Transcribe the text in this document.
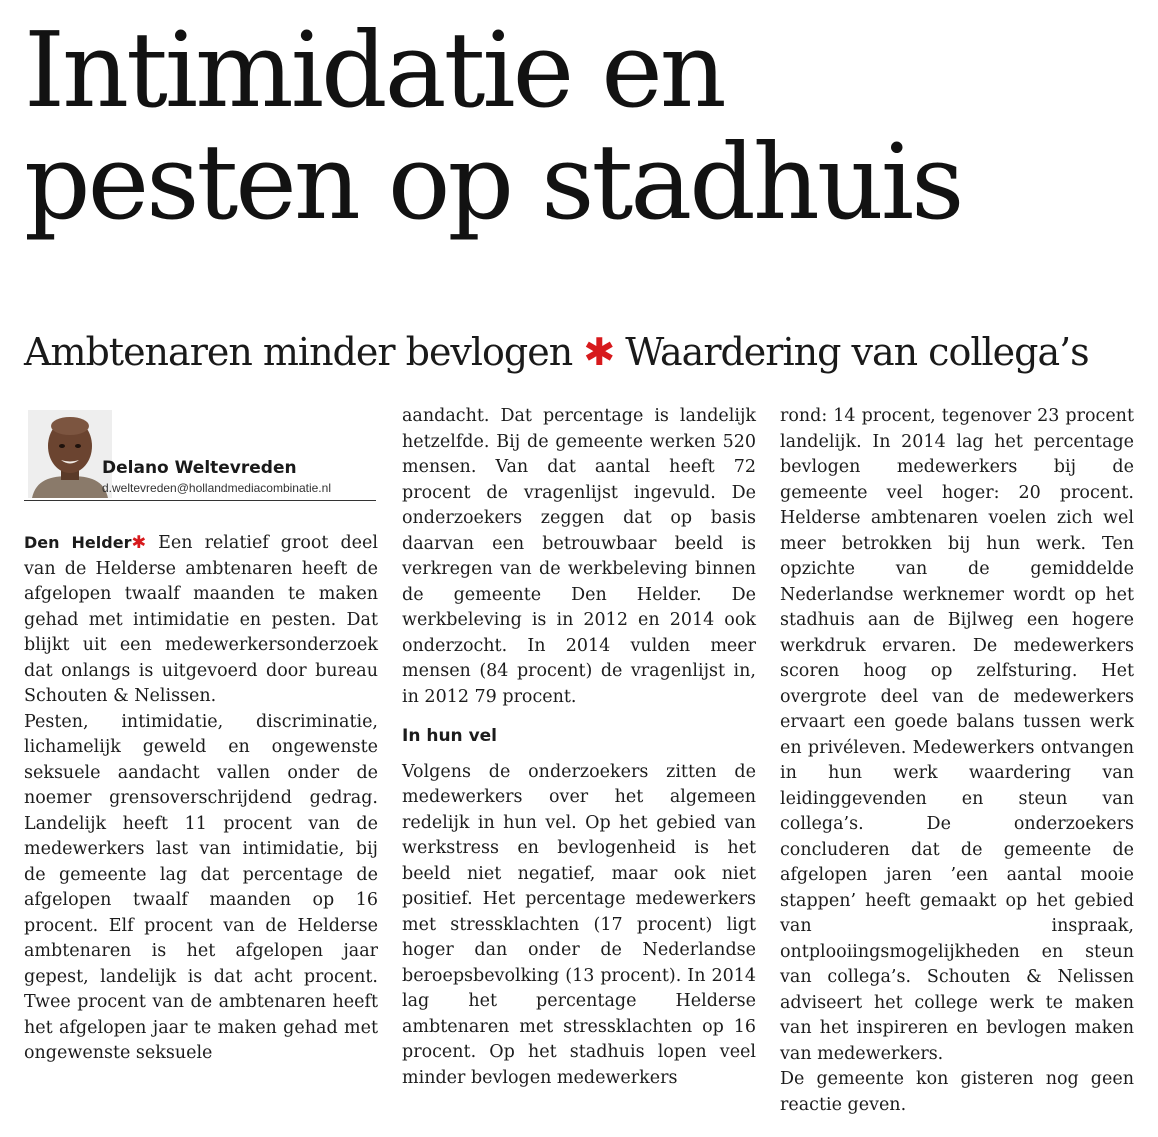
Intimidatie en
pesten op stadhuis
Ambtenaren minder bevlogen ✱ Waardering van collega’s
Delano Weltevreden
d.weltevreden@hollandmediacombinatie.nl

Den Helder✱ Een relatief groot deel van de Helderse ambtenaren heeft de afgelopen twaalf maanden te maken gehad met intimidatie en pesten. Dat blijkt uit een medewerkersonderzoek dat onlangs is uitgevoerd door bureau Schouten & Nelissen.

Pesten, intimidatie, discriminatie, lichamelijk geweld en ongewenste seksuele aandacht vallen onder de noemer grensoverschrijdend gedrag. Landelijk heeft 11 procent van de medewerkers last van intimidatie, bij de gemeente lag dat percentage de afgelopen twaalf maanden op 16 procent. Elf procent van de Helderse ambtenaren is het afgelopen jaar gepest, landelijk is dat acht procent. Twee procent van de ambtenaren heeft het afgelopen jaar te maken gehad met ongewenste seksuele

aandacht. Dat percentage is landelijk hetzelfde. Bij de gemeente werken 520 mensen. Van dat aantal heeft 72 procent de vragenlijst ingevuld. De onderzoekers zeggen dat op basis daarvan een betrouwbaar beeld is verkregen van de werkbeleving binnen de gemeente Den Helder. De werkbeleving is in 2012 en 2014 ook onderzocht. In 2014 vulden meer mensen (84 procent) de vragenlijst in, in 2012 79 procent.

In hun vel

Volgens de onderzoekers zitten de medewerkers over het algemeen redelijk in hun vel. Op het gebied van werkstress en bevlogenheid is het beeld niet negatief, maar ook niet positief. Het percentage medewerkers met stressklachten (17 procent) ligt hoger dan onder de Nederlandse beroepsbevolking (13 procent). In 2014 lag het percentage Helderse ambtenaren met stressklachten op 16 procent. Op het stadhuis lopen veel minder bevlogen medewerkers

rond: 14 procent, tegenover 23 procent landelijk. In 2014 lag het percentage bevlogen medewerkers bij de gemeente veel hoger: 20 procent. Helderse ambtenaren voelen zich wel meer betrokken bij hun werk. Ten opzichte van de gemiddelde Nederlandse werknemer wordt op het stadhuis aan de Bijlweg een hogere werkdruk ervaren. De medewerkers scoren hoog op zelfsturing. Het overgrote deel van de medewerkers ervaart een goede balans tussen werk en privéleven. Medewerkers ontvangen in hun werk waardering van leidinggevenden en steun van collega’s. De onderzoekers concluderen dat de gemeente de afgelopen jaren ’een aantal mooie stappen’ heeft gemaakt op het gebied van inspraak, ontplooiingsmogelijkheden en steun van collega’s. Schouten & Nelissen adviseert het college werk te maken van het inspireren en bevlogen maken van medewerkers.

De gemeente kon gisteren nog geen reactie geven.
